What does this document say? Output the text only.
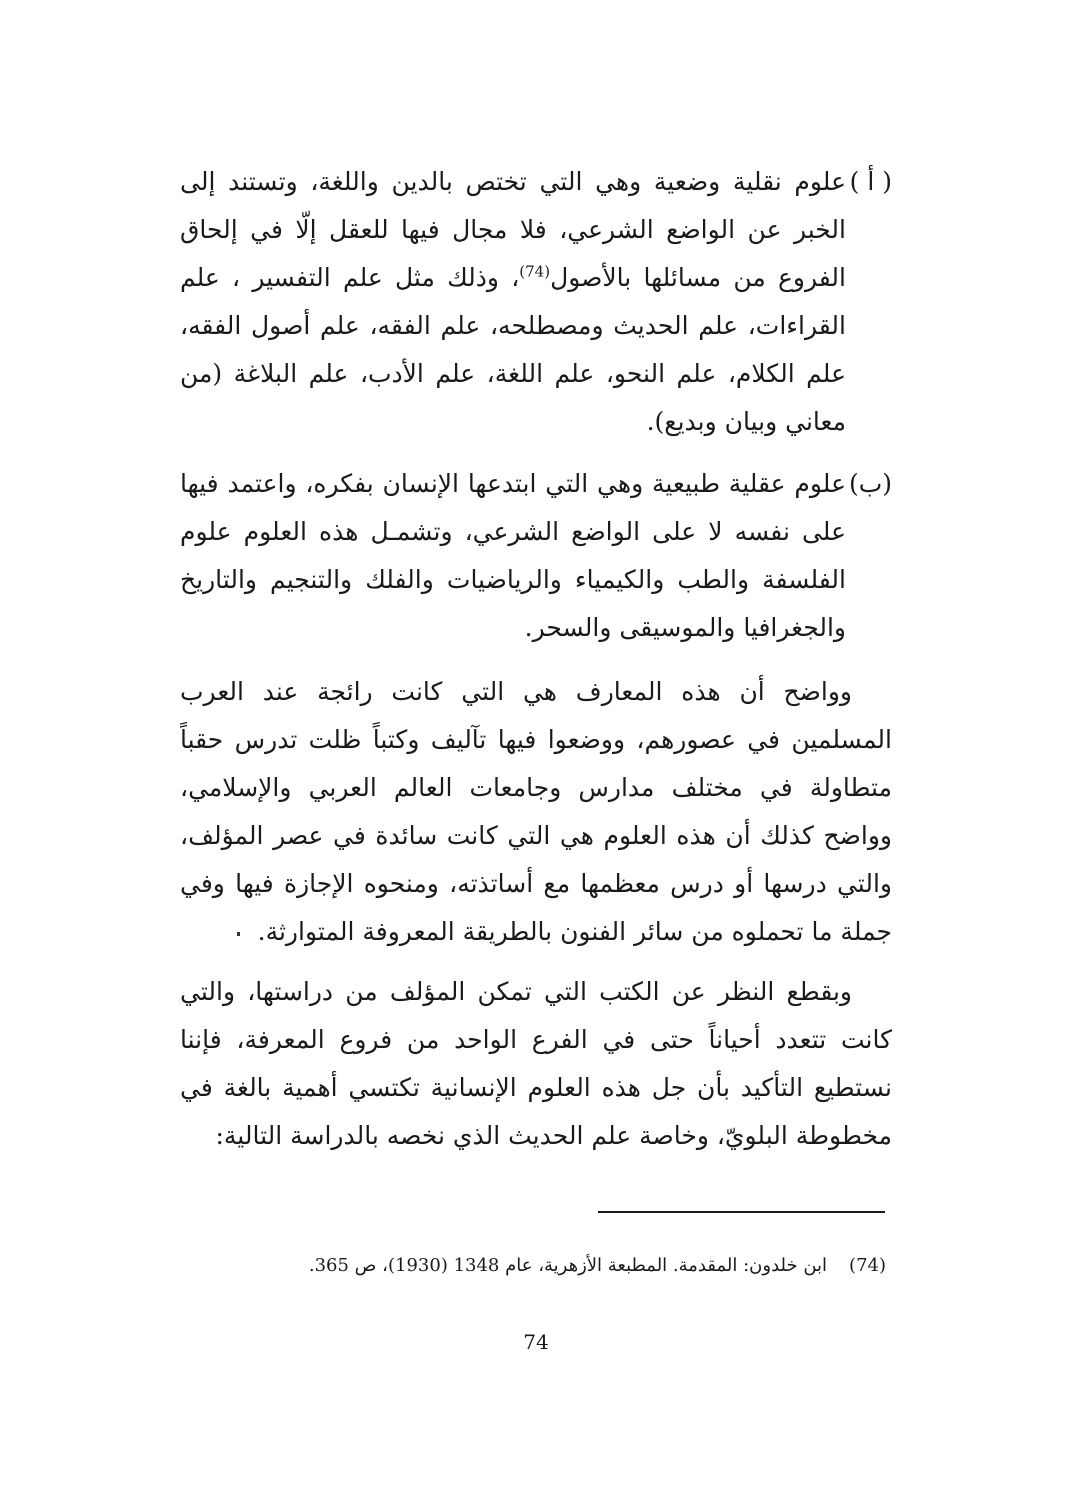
( أ )
علوم نقلية وضعية وهي التي تختص بالدين واللغة، وتستند إلى الخبر عن الواضع الشرعي، فلا مجال فيها للعقل إلّا في إلحاق الفروع من مسائلها بالأصول$^{(74)}$، وذلك مثل علم التفسير ، علم القراءات، علم الحديث ومصطلحه، علم الفقه، علم أصول الفقه، علم الكلام، علم النحو، علم اللغة، علم الأدب، علم البلاغة (من معاني وبيان وبديع).
(ب)
علوم عقلية طبيعية وهي التي ابتدعها الإنسان بفكره، واعتمد فيها على نفسه لا على الواضع الشرعي، وتشمـل هذه العلوم علوم الفلسفة والطب والكيمياء والرياضيات والفلك والتنجيم والتاريخ والجغرافيا والموسيقى والسحر.

وواضح أن هذه المعارف هي التي كانت رائجة عند العرب المسلمين في عصورهم، ووضعوا فيها تآليف وكتباً ظلت تدرس حقباً متطاولة في مختلف مدارس وجامعات العالم العربي والإسلامي، وواضح كذلك أن هذه العلوم هي التي كانت سائدة في عصر المؤلف، والتي درسها أو درس معظمها مع أساتذته، ومنحوه الإجازة فيها وفي جملة ما تحملوه من سائر الفنون بالطريقة المعروفة المتوارثة.

وبقطع النظر عن الكتب التي تمكن المؤلف من دراستها، والتي كانت تتعدد أحياناً حتى في الفرع الواحد من فروع المعرفة، فإننا نستطيع التأكيد بأن جل هذه العلوم الإنسانية تكتسي أهمية بالغة في مخطوطة البلويّ، وخاصة علم الحديث الذي نخصه بالدراسة التالية:

(74)ابن خلدون: المقدمة. المطبعة الأزهرية، عام 1348 (1930)، ص 365.
74
